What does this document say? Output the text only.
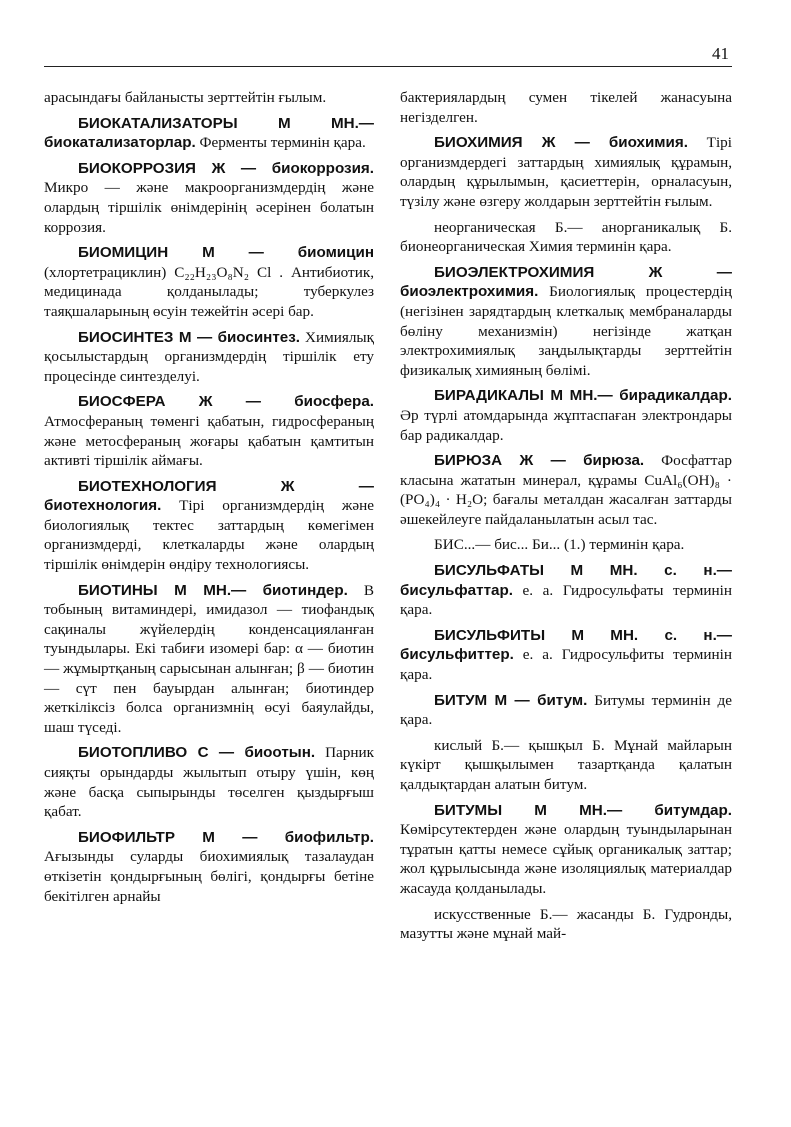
41

арасындағы байланысты зерттейтін ғылым.

БИОКАТАЛИЗАТОРЫ М МН.— биокатализаторлар. Ферменты терминін қара.

БИОКОРРОЗИЯ Ж — биокоррозия. Микро — және макроорганизмдердің және олардың тіршілік өнімдерінің әсерінен болатын коррозия.

БИОМИЦИН М — биомицин (хлортетрациклин) C₂₂H₂₃O₈N₂ Cl . Антибиотик, медицинада қолданылады; туберкулез таяқшаларының өсуін тежейтін әсері бар.

БИОСИНТЕЗ М — биосинтез. Химиялық қосылыстардың организмдердің тіршілік ету процесінде синтезделуі.

БИОСФЕРА Ж — биосфера. Атмосфераның төменгі қабатын, гидросфераның және метосфераның жоғары қабатын қамтитын активті тіршілік аймағы.

БИОТЕХНОЛОГИЯ Ж — биотехнология. Тірі организмдердің және биологиялық тектес заттардың көмегімен организмдерді, клеткаларды және олардың тіршілік өнімдерін өндіру технологиясы.

БИОТИНЫ М МН.— биотиндер. В тобының витаминдері, имидазол — тиофандық сақиналы жүйелердің конденсацияланған туындылары. Екі табиғи изомері бар: α — биотин — жұмыртқаның сарысынан алынған; β — биотин — сүт пен бауырдан алынған; биотиндер жеткіліксіз болса организмнің өсуі баяулайды, шаш түседі.

БИОТОПЛИВО С — биоотын. Парник сияқты орындарды жылытып отыру үшін, көң және басқа сыпырынды төселген қыздырғыш қабат.

БИОФИЛЬТР М — биофильтр. Ағызынды суларды биохимиялық тазалаудан өткізетін қондырғының бөлігі, қондырғы бетіне бекітілген арнайы

бактериялардың сумен тікелей жанасуына негізделген.

БИОХИМИЯ Ж — биохимия. Тірі организмдердегі заттардың химиялық құрамын, олардың құрылымын, қасиеттерін, орналасуын, түзілу және өзгеру жолдарын зерттейтін ғылым.

неорганическая Б.— анорганикалық Б. бионеорганическая Химия терминін қара.

БИОЭЛЕКТРОХИМИЯ Ж — биоэлектрохимия. Биологиялық процестердің (негізінен зарядтардың клеткалық мембраналарды бөліну механизмін) негізінде жатқан электрохимиялық заңдылықтарды зерттейтін физикалық химияның бөлімі.

БИРАДИКАЛЫ М МН.— бирадикалдар. Әр түрлі атомдарында жұптаспаған электрондары бар радикалдар.

БИРЮЗА Ж — бирюза. Фосфаттар класына жататын минерал, құрамы CuAl₆(OH)₈ · (PO₄)₄ · H₂O; бағалы металдан жасалған заттарды әшекейлеуге пайдаланылатын асыл тас.

БИС...— бис... Би... (1.) терминін қара.

БИСУЛЬФАТЫ М МН. с. н.— бисульфаттар. е. а. Гидросульфаты терминін қара.

БИСУЛЬФИТЫ М МН. с. н.— бисульфиттер. е. а. Гидросульфиты терминін қара.

БИТУМ М — битум. Битумы терминін де қара.

кислый Б.— қышқыл Б. Мұнай майларын күкірт қышқылымен тазартқанда қалатын қалдықтардан алатын битум.

БИТУМЫ М МН.— битумдар. Көмірсутектерден және олардың туындыларынан тұратын қатты немесе сұйық органикалық заттар; жол құрылысында және изоляциялық материалдар жасауда қолданылады.

искусственные Б.— жасанды Б. Гудронды, мазутты және мұнай май-
